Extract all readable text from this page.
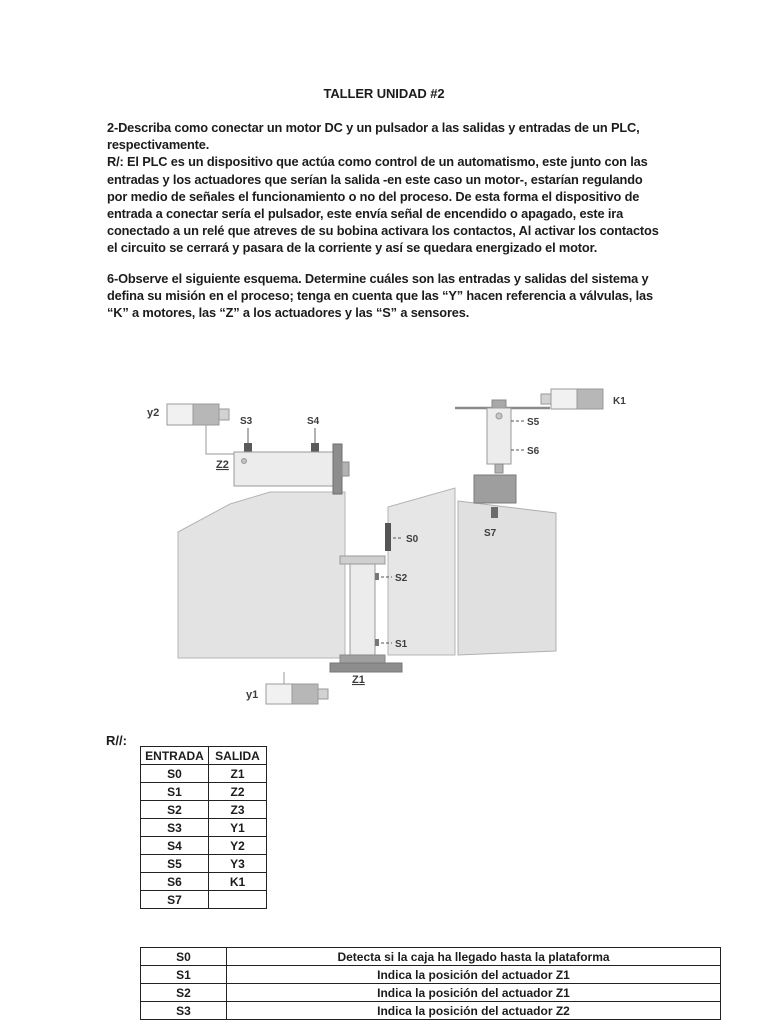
TALLER UNIDAD #2

2-Describa como conectar un motor DC y un pulsador a las salidas y entradas de un PLC, respectivamente.

R/: El PLC es un dispositivo que actúa como control de un automatismo, este junto con las entradas y los actuadores que serían la salida -en este caso un motor-, estarían regulando por medio de señales el funcionamiento o no del proceso. De esta forma el dispositivo de entrada a conectar sería el pulsador, este envía señal de encendido o apagado, este ira conectado a un relé que atreves de su bobina activara los contactos, Al activar los contactos el circuito se cerrará y pasara de la corriente y así se quedara energizado el motor.

6-Observe el siguiente esquema. Determine cuáles son las entradas y salidas del sistema y defina su misión en el proceso; tenga en cuenta que las “Y” hacen referencia a válvulas, las “K” a motores, las “Z” a los actuadores y las “S” a sensores.

y2
S3	S4
Z2
Z1
S0
S2
S1
y1
K1
S5
S6
S7
R//:
ENTRADA	SALIDA
S0	Z1
S1	Z2
S2	Z3
S3	Y1
S4	Y2
S5	Y3
S6	K1
S7	
S0	Detecta si la caja ha llegado hasta la plataforma
S1	Indica la posición del actuador Z1
S2	Indica la posición del actuador Z1
S3	Indica la posición del actuador Z2
